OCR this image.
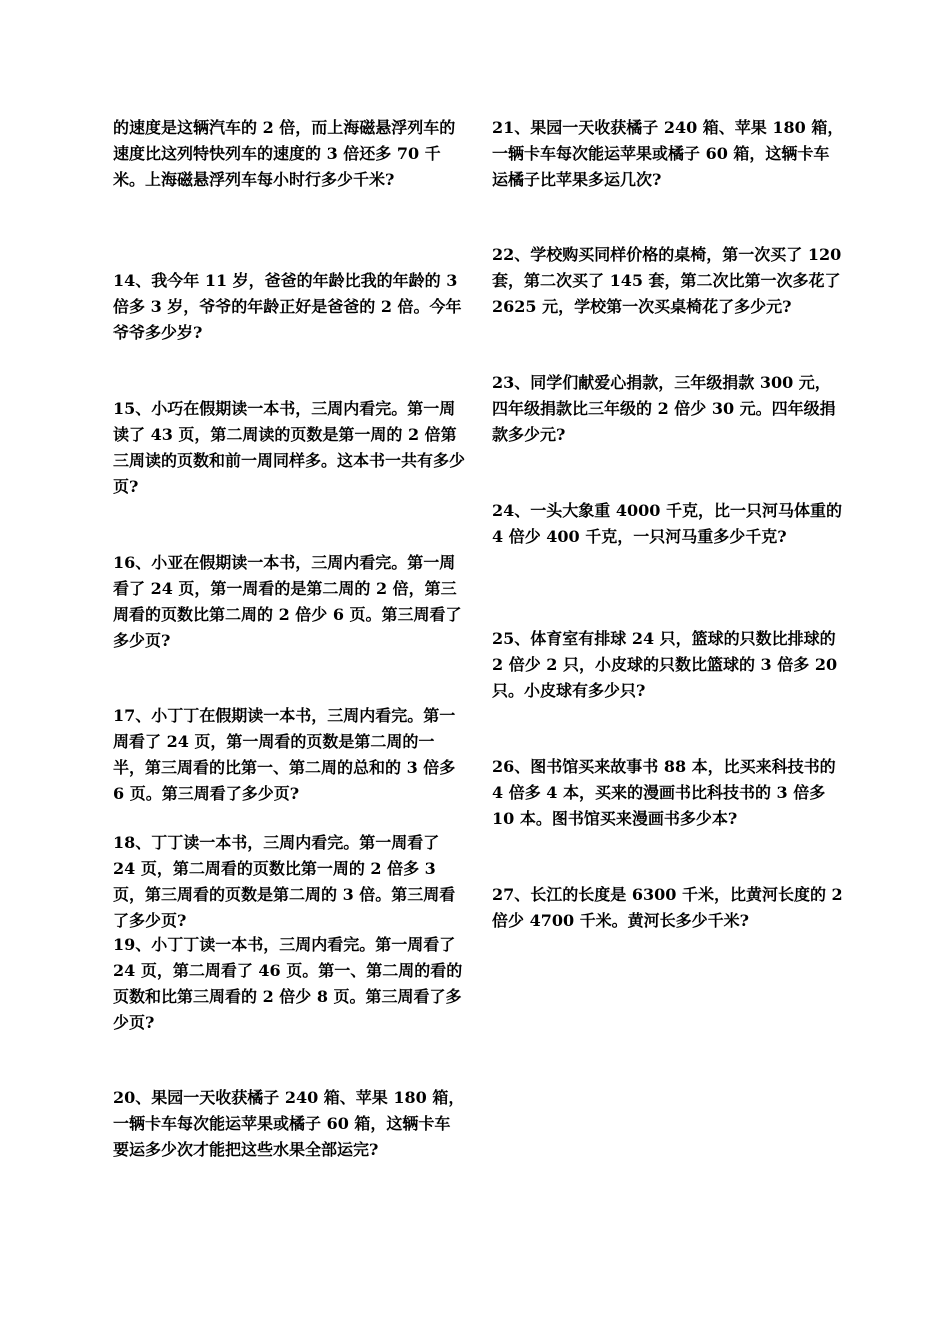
的速度是这辆汽车的 2 倍，而上海磁悬浮列车的速度比这列特快列车的速度的 3 倍还多 70 千米。上海磁悬浮列车每小时行多少千米?

14、我今年 11 岁，爸爸的年龄比我的年龄的 3 倍多 3 岁，爷爷的年龄正好是爸爸的 2 倍。今年爷爷多少岁?

15、小巧在假期读一本书，三周内看完。第一周读了 43 页，第二周读的页数是第一周的 2 倍第三周读的页数和前一周同样多。这本书一共有多少页?

16、小亚在假期读一本书，三周内看完。第一周看了 24 页，第一周看的是第二周的 2 倍，第三周看的页数比第二周的 2 倍少 6 页。第三周看了多少页?

17、小丁丁在假期读一本书，三周内看完。第一周看了 24 页，第一周看的页数是第二周的一半，第三周看的比第一、第二周的总和的 3 倍多 6 页。第三周看了多少页?

18、丁丁读一本书，三周内看完。第一周看了 24 页，第二周看的页数比第一周的 2 倍多 3 页，第三周看的页数是第二周的 3 倍。第三周看了多少页?

19、小丁丁读一本书，三周内看完。第一周看了 24 页，第二周看了 46 页。第一、第二周的看的页数和比第三周看的 2 倍少 8 页。第三周看了多少页?

20、果园一天收获橘子 240 箱、苹果 180 箱，一辆卡车每次能运苹果或橘子 60 箱，这辆卡车要运多少次才能把这些水果全部运完?

21、果园一天收获橘子 240 箱、苹果 180 箱，一辆卡车每次能运苹果或橘子 60 箱，这辆卡车运橘子比苹果多运几次?

22、学校购买同样价格的桌椅，第一次买了 120 套，第二次买了 145 套，第二次比第一次多花了 2625 元，学校第一次买桌椅花了多少元?

23、同学们献爱心捐款，三年级捐款 300 元，四年级捐款比三年级的 2 倍少 30 元。四年级捐款多少元?

24、一头大象重 4000 千克，比一只河马体重的 4 倍少 400 千克，一只河马重多少千克?

25、体育室有排球 24 只，篮球的只数比排球的 2 倍少 2 只，小皮球的只数比篮球的 3 倍多 20 只。小皮球有多少只?

26、图书馆买来故事书 88 本，比买来科技书的 4 倍多 4 本，买来的漫画书比科技书的 3 倍多 10 本。图书馆买来漫画书多少本?

27、长江的长度是 6300 千米，比黄河长度的 2 倍少 4700 千米。黄河长多少千米?
